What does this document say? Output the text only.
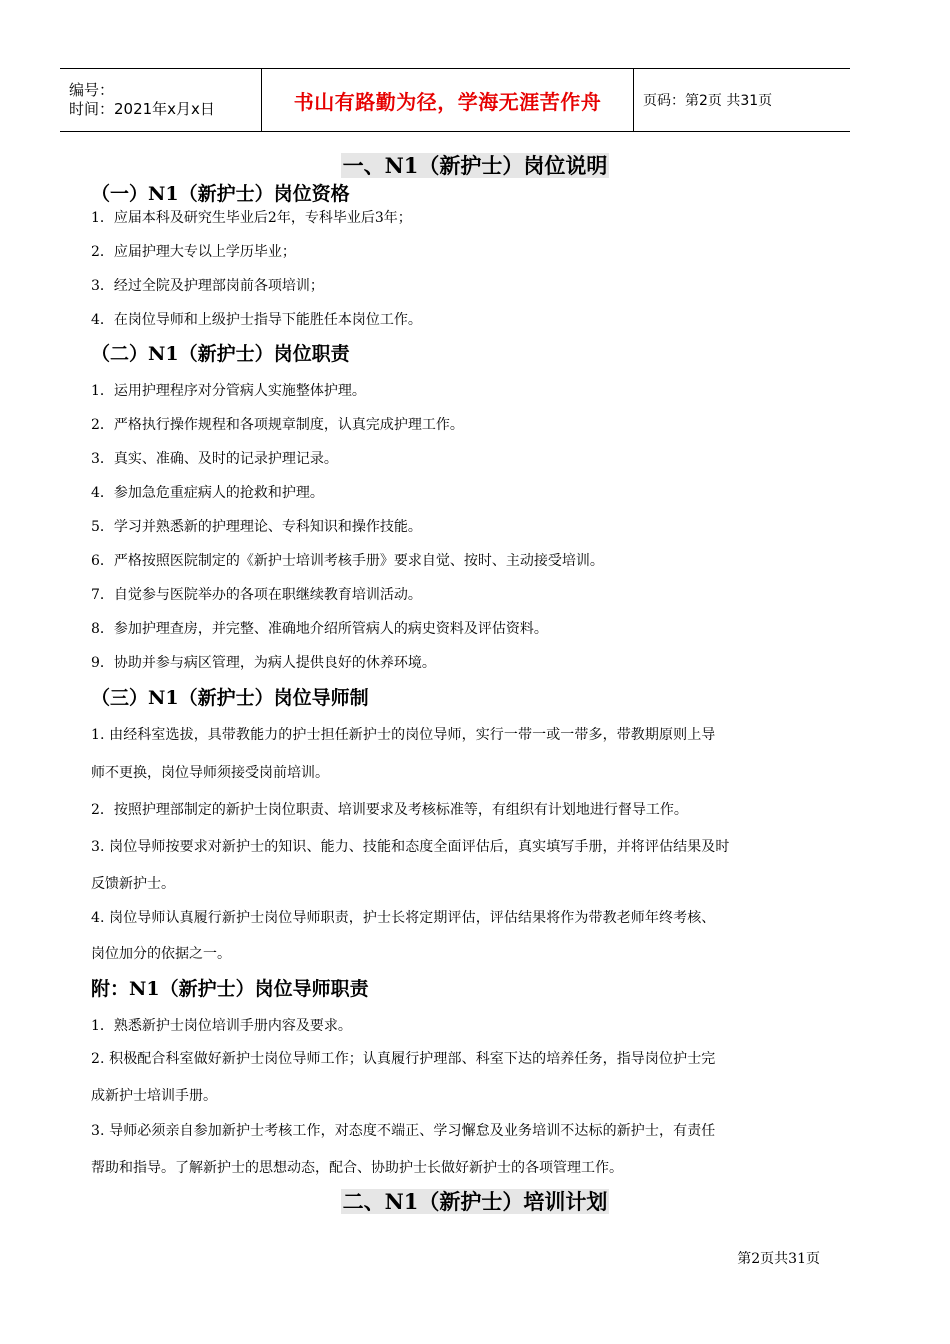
编号：
时间：2021年x月x日	书山有路勤为径，学海无涯苦作舟	页码：第2页 共31页
一、N1（新护士）岗位说明
（一）N1（新护士）岗位资格

1．应届本科及研究生毕业后2年，专科毕业后3年；

2．应届护理大专以上学历毕业；

3．经过全院及护理部岗前各项培训；

4．在岗位导师和上级护士指导下能胜任本岗位工作。

（二）N1（新护士）岗位职责

1．运用护理程序对分管病人实施整体护理。

2．严格执行操作规程和各项规章制度，认真完成护理工作。

3．真实、准确、及时的记录护理记录。

4．参加急危重症病人的抢救和护理。

5．学习并熟悉新的护理理论、专科知识和操作技能。

6．严格按照医院制定的《新护士培训考核手册》要求自觉、按时、主动接受培训。

7．自觉参与医院举办的各项在职继续教育培训活动。

8．参加护理查房，并完整、准确地介绍所管病人的病史资料及评估资料。

9．协助并参与病区管理，为病人提供良好的休养环境。

（三）N1（新护士）岗位导师制

1. 由经科室选拔，具带教能力的护士担任新护士的岗位导师，实行一带一或一带多，带教期原则上导

师不更换，岗位导师须接受岗前培训。

2．按照护理部制定的新护士岗位职责、培训要求及考核标准等，有组织有计划地进行督导工作。

3. 岗位导师按要求对新护士的知识、能力、技能和态度全面评估后，真实填写手册，并将评估结果及时

反馈新护士。

4. 岗位导师认真履行新护士岗位导师职责，护士长将定期评估，评估结果将作为带教老师年终考核、

岗位加分的依据之一。

附：N1（新护士）岗位导师职责

1．熟悉新护士岗位培训手册内容及要求。

2. 积极配合科室做好新护士岗位导师工作；认真履行护理部、科室下达的培养任务，指导岗位护士完

成新护士培训手册。

3. 导师必须亲自参加新护士考核工作，对态度不端正、学习懈怠及业务培训不达标的新护士，有责任

帮助和指导。了解新护士的思想动态，配合、协助护士长做好新护士的各项管理工作。

二、N1（新护士）培训计划
第2页共31页
